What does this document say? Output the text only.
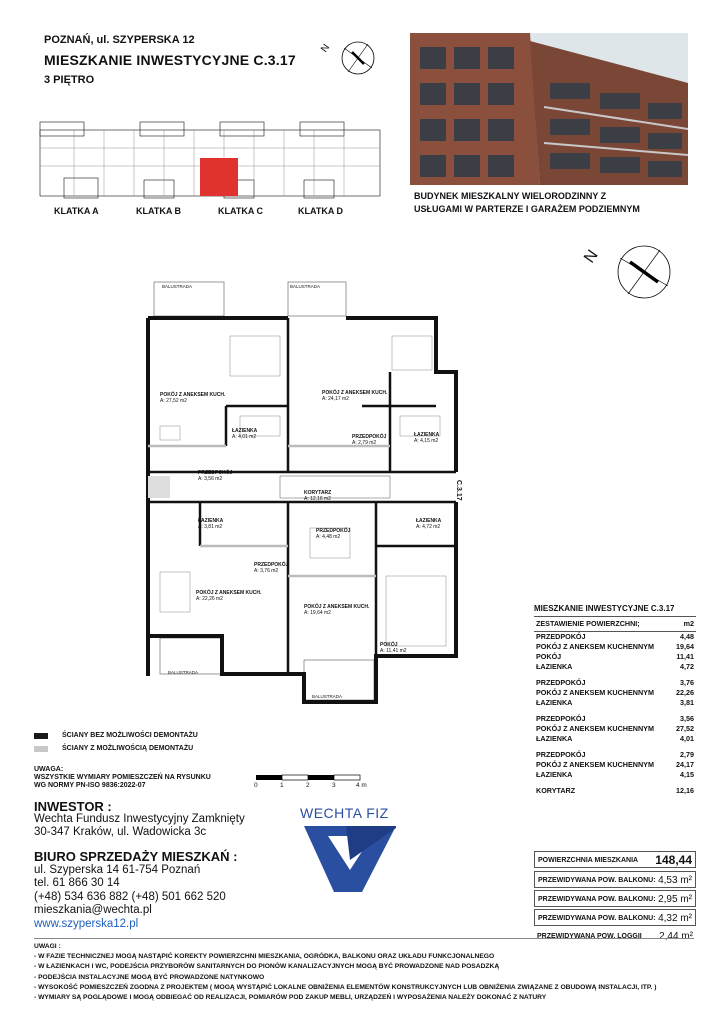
POZNAŃ, ul. SZYPERSKA 12
MIESZKANIE INWESTYCYJNE C.3.17
3 PIĘTRO
N
KLATKA A	KLATKA B	KLATKA C	KLATKA D
BUDYNEK MIESZKALNY WIELORODZINNY Z
USŁUGAMI W PARTERZE I GARAŻEM PODZIEMNYM
N
C.3.17
POKÓJ Z ANEKSEM KUCH.
A: 27,52 m2
POKÓJ Z ANEKSEM KUCH.
A: 24,17 m2
ŁAZIENKA
A: 4,01 m2	PRZEDPOKÓJ
A: 2,79 m2
ŁAZIENKA
A: 4,15 m2
PRZEDPOKÓJ
A: 3,56 m2
KORYTARZ
A: 12,16 m2
ŁAZIENKA
A: 3,81 m2
ŁAZIENKA
A: 4,72 m2
PRZEDPOKÓJ
A: 4,48 m2
PRZEDPOKÓJ
A: 3,76 m2
POKÓJ Z ANEKSEM KUCH.
A: 22,26 m2
POKÓJ Z ANEKSEM KUCH.
A: 19,64 m2
POKÓJ
A: 11,41 m2
BALUSTRADA	BALUSTRADA
BALUSTRADA
BALUSTRADA
ŚCIANY BEZ MOŻLIWOŚCI DEMONTAŻU
ŚCIANY Z MOŻLIWOŚCIĄ DEMONTAŻU
UWAGA:
WSZYSTKIE WYMIARY POMIESZCZEŃ NA RYSUNKU
WG NORMY PN-ISO 9836:2022-07	0	1	2	3	4 m
INWESTOR :
Wechta Fundusz Inwestycyjny Zamknięty
30-347 Kraków, ul. Wadowicka 3c
BIURO SPRZEDAŻY MIESZKAŃ :
ul. Szyperska 14 61-754 Poznań
tel. 61 866 30 14
(+48) 534 636 882 (+48) 501 662 520
mieszkania@wechta.pl
www.szyperska12.pl
WECHTA FIZ
MIESZKANIE INWESTYCYJNE C.3.17
ZESTAWIENIE POWIERZCHNI;	m2
PRZEDPOKÓJ	4,48
POKÓJ Z ANEKSEM KUCHENNYM	19,64
POKÓJ	11,41
ŁAZIENKA	4,72
PRZEDPOKÓJ	3,76
POKÓJ Z ANEKSEM KUCHENNYM	22,26
ŁAZIENKA	3,81
PRZEDPOKÓJ	3,56
POKÓJ Z ANEKSEM KUCHENNYM	27,52
ŁAZIENKA	4,01
PRZEDPOKÓJ	2,79
POKÓJ Z ANEKSEM KUCHENNYM	24,17
ŁAZIENKA	4,15
KORYTARZ	12,16
POWIERZCHNIA MIESZKANIA 148,44
PRZEWIDYWANA POW. BALKONU: 4,53 m²
PRZEWIDYWANA POW. BALKONU: 2,95 m²
PRZEWIDYWANA POW. BALKONU: 4,32 m²
PRZEWIDYWANA POW. LOGGII 2,44 m²
UWAGI :
- W FAZIE TECHNICZNEJ MOGĄ NASTĄPIĆ KOREKTY POWIERZCHNI MIESZKANIA, OGRÓDKA, BALKONU ORAZ UKŁADU FUNKCJONALNEGO
- W ŁAZIENKACH I WC, PODEJŚCIA PRZYBORÓW SANITARNYCH DO PIONÓW KANALIZACYJNYCH MOGĄ BYĆ PROWADZONE NAD POSADZKĄ
- PODEJŚCIA INSTALACYJNE MOGĄ BYĆ PROWADZONE NATYNKOWO
- WYSOKOŚĆ POMIESZCZEŃ ZGODNA Z PROJEKTEM ( MOGĄ WYSTĄPIĆ LOKALNE OBNIŻENIA ELEMENTÓW KONSTRUKCYJNYCH LUB OBNIŻENIA ZWIĄZANE Z OBUDOWĄ INSTALACJI, ITP. )
- WYMIARY SĄ POGLĄDOWE I MOGĄ ODBIEGAĆ OD REALIZACJI, POMIARÓW POD ZAKUP MEBLI, URZĄDZEŃ I WYPOSAŻENIA NALEŻY DOKONAĆ Z NATURY
